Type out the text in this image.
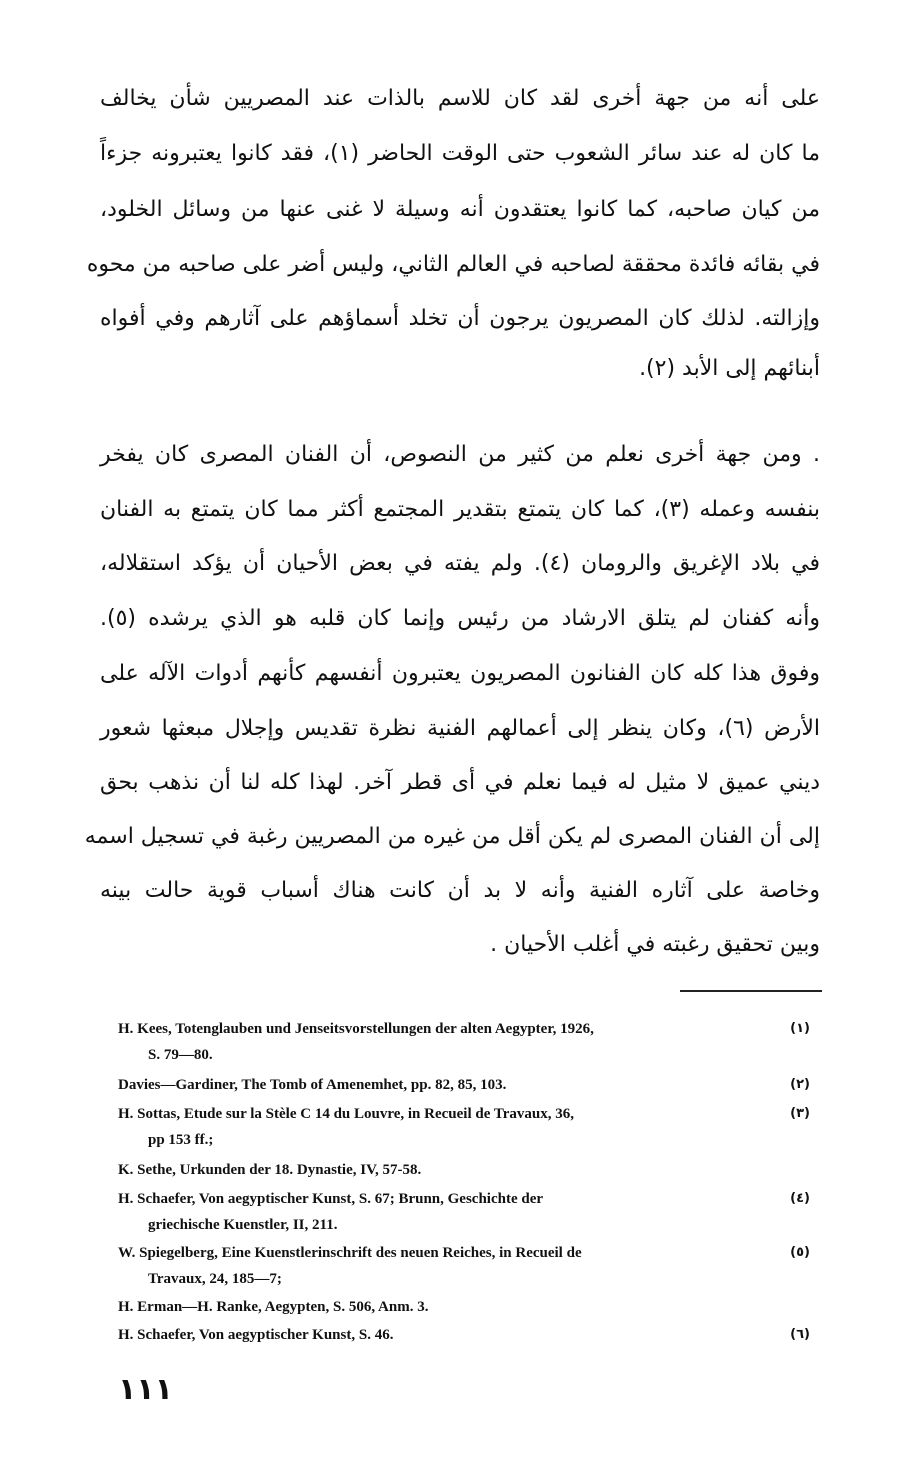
على أنه من جهة أخرى لقد كان للاسم بالذات عند المصريين شأن يخالف
ما كان له عند سائر الشعوب حتى الوقت الحاضر (١)، فقد كانوا يعتبرونه جزءاً
من كيان صاحبه، كما كانوا يعتقدون أنه وسيلة لا غنى عنها من وسائل الخلود،
في بقائه فائدة محققة لصاحبه في العالم الثاني، وليس أضر على صاحبه من محوه
وإزالته. لذلك كان المصريون يرجون أن تخلد أسماؤهم على آثارهم وفي أفواه
أبنائهم إلى الأبد (٢).
. ومن جهة أخرى نعلم من كثير من النصوص، أن الفنان المصرى كان يفخر
بنفسه وعمله (٣)، كما كان يتمتع بتقدير المجتمع أكثر مما كان يتمتع به الفنان
في بلاد الإغريق والرومان (٤). ولم يفته في بعض الأحيان أن يؤكد استقلاله،
وأنه كفنان لم يتلق الارشاد من رئيس وإنما كان قلبه هو الذي يرشده (٥).
وفوق هذا كله كان الفنانون المصريون يعتبرون أنفسهم كأنهم أدوات الآله على
الأرض (٦)، وكان ينظر إلى أعمالهم الفنية نظرة تقديس وإجلال مبعثها شعور
ديني عميق لا مثيل له فيما نعلم في أى قطر آخر. لهذا كله لنا أن نذهب بحق
إلى أن الفنان المصرى لم يكن أقل من غيره من المصريين رغبة في تسجيل اسمه
وخاصة على آثاره الفنية وأنه لا بد أن كانت هناك أسباب قوية حالت بينه
وبين تحقيق رغبته في أغلب الأحيان .
H. Kees, Totenglauben und Jenseitsvorstellungen der alten Aegypter, 1926,
S. 79—80.
(١)
Davies—Gardiner, The Tomb of Amenemhet, pp. 82, 85, 103.	(٢)
H. Sottas, Etude sur la Stèle C 14 du Louvre, in Recueil de Travaux, 36,
pp 153 ff.;
(٣)
K. Sethe, Urkunden der 18. Dynastie, IV, 57-58.
H. Schaefer, Von aegyptischer Kunst, S. 67; Brunn, Geschichte der
griechische Kuenstler, II, 211.
(٤)
W. Spiegelberg, Eine Kuenstlerinschrift des neuen Reiches, in Recueil de
Travaux, 24, 185—7;
(٥)
H. Erman—H. Ranke, Aegypten, S. 506, Anm. 3.
H. Schaefer, Von aegyptischer Kunst, S. 46.	(٦)
١١١
